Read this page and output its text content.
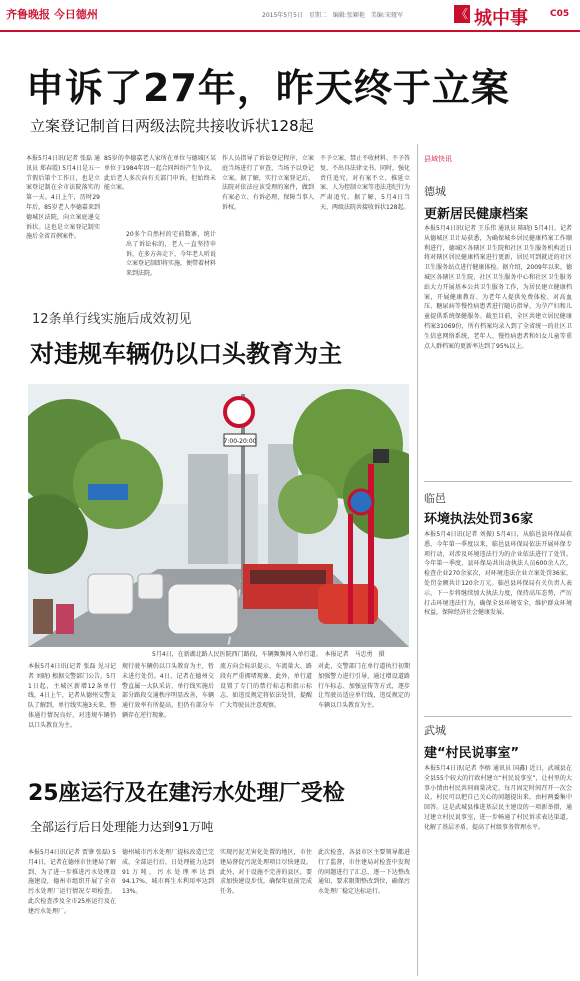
齐鲁晚报 今日德州	2015年5月5日　星期二　编辑:张颖艳　美编:宋娅军	《 城中事 C05
申诉了27年，昨天终于立案
立案登记制首日两级法院共接收诉状128起
本报5月4日讯(记者 张磊 通讯员 郑春霞) 5月4日是五一节假后第个工作日，也是立案登记制在全市法院落实的第一天。4日上午，历时29年后，85岁老人李德嘉来到德城区法院，向立案庭递交诉状。这也是立案登记制实施后全省首例案件。
85岁的李德嘉老人家所在单位与德城区某单位于1984年因一起合同纠纷产生争议，此后老人多次向有关部门申诉，但始终未能立案。
作人员指导了诉讼登记程序，立案庭当场进行了审查，当场予以登记立案。据了解，实行立案登记后，法院对依法应该受理的案件，做到有案必立、有诉必理，保障当事人诉权。
不予立案、禁止不收材料、不予答复、不出具法律文书。同时，强化责任追究，对有案不立、推延立案、人为控制立案等违法违纪行为严肃追究。据了解，5月4日当天，两级法院共接收诉状128起。
20多个自然村的宅前数寨，统计出了诉讼标的，老人一直坚持申诉，在多方奔走下，今年老人听说立案登记制即将实施，便带着材料来到法院。
12条单行线实施后成效初见
对违规车辆仍以口头教育为主
7:00-20:00
5月4日，在新湖北路人民医院西门路段，车辆频频闯入单行道。　本报记者　马忠勇　摄
本报5月4日讯(记者 张磊 见习记者 刘晓) 根据交警部门公告，5月1日起，主城区新增12条单行线，4日上午，记者从德州交警支队了解到，单行线实施3天来，整体通行情况良好，对违规车辆仍以口头教育为主。
规行驶车辆仍以口头教育为主，暂未进行处罚。4日，记者在德州交警直属一大队采访，单行线实施后部分路段交通秩序明显改善，车辆通行效率有所提高，但仍有部分车辆存在逆行现象。
流方向会标识提示，车流量大、路段有严重拥堵现象，此外，单行道设置了专门的禁行标志和指示标志，如违反规定将依法处罚，提醒广大驾驶员注意观察。
对此，交警部门在单行道执行初期加强警力进行引导，通过增设道路行车标志、加强宣传等方式，逐步让驾驶员适应单行线，违反规定的车辆以口头教育为主。
25座运行及在建污水处理厂受检
全部运行后日处理能力达到91万吨
本报5月4日讯(记者 贾肇 张磊) 5月4日，记者在德州市住建局了解到，为了进一步推进污水处理设施建设，德州市组织开展了全市污水处理厂运行情况专项检查。此次检查涉及全市25座运行及在建污水处理厂。
德州城市污水处理厂提标改造已完成，全部运行后，日处理能力达到91万吨，污水处理率达到94.17%，城市再生水利用率达到13%。
实现污泥无害化处置的地区，市住建局督促污泥处理项目尽快建设。此外，对于设施不完善的县区，要求加快建设步伐，确保年底前完成任务。
此次检查，各县市区主要领导都进行了监督，市住建局对检查中发现的问题进行了汇总，逐一下达整改通知，要求限期整改到位，确保污水处理厂稳定达标运行。
县域快讯
德城
更新居民健康档案
本报5月4日讯(记者 王乐伟 通讯员 陈晓) 5月4日，记者从德城区卫计局获悉，为确保城乡居民健康档案工作顺利进行，德城区各辖区卫生院和社区卫生服务机构近日将对辖区居民健康档案进行更新，居民可到就近的社区卫生服务站点进行健康体检。据介绍，2009年以来，德城区各辖区卫生院、社区卫生服务中心和社区卫生服务站大力开展基本公共卫生服务工作，为居民建立健康档案，开展健康教育、为老年人提供免费体检、对高血压、糖尿病等慢性病患者进行随访指导，为孕产妇和儿童提供系统保健服务。截至目前，全区共建立居民健康档案31069份，所有档案均录入到了全省统一的社区卫生信息网络系统，老年人、慢性病患者和妇女儿童等重点人群档案的更新率达到了95%以上。
临邑
环境执法处罚36家
本报5月4日讯(记者 刘振) 5月4日，从临邑县环保局获悉，今年第一季度以来，临邑县环保局依法开展环保专项行动，对涉及环境违法行为的企业依法进行了处罚。今年第一季度，县环保局共出动执法人员600余人次，检查企业270余家次，对环境违法企业立案处罚36家，处罚金额共计120余万元。临邑县环保局有关负责人表示，下一步将继续加大执法力度，保持高压态势，严厉打击环境违法行为，确保全县环境安全，维护群众环境权益，保障经济社会健康发展。
武城
建“村民说事室”
本报5月4日讯(记者 李榕 通讯员 国鑫) 近日，武城县在全县55个较大的行政村建立“村民说事室”，让村里的大事小情由村民共同商量决定，每月固定时间召开一次会议，村民可以把自己关心的问题提出来，由村两委集中回答。这是武城县推进基层民主建设的一项新举措，通过建立村民说事室，进一步畅通了村民诉求表达渠道，化解了基层矛盾，提高了村级事务管理水平。
